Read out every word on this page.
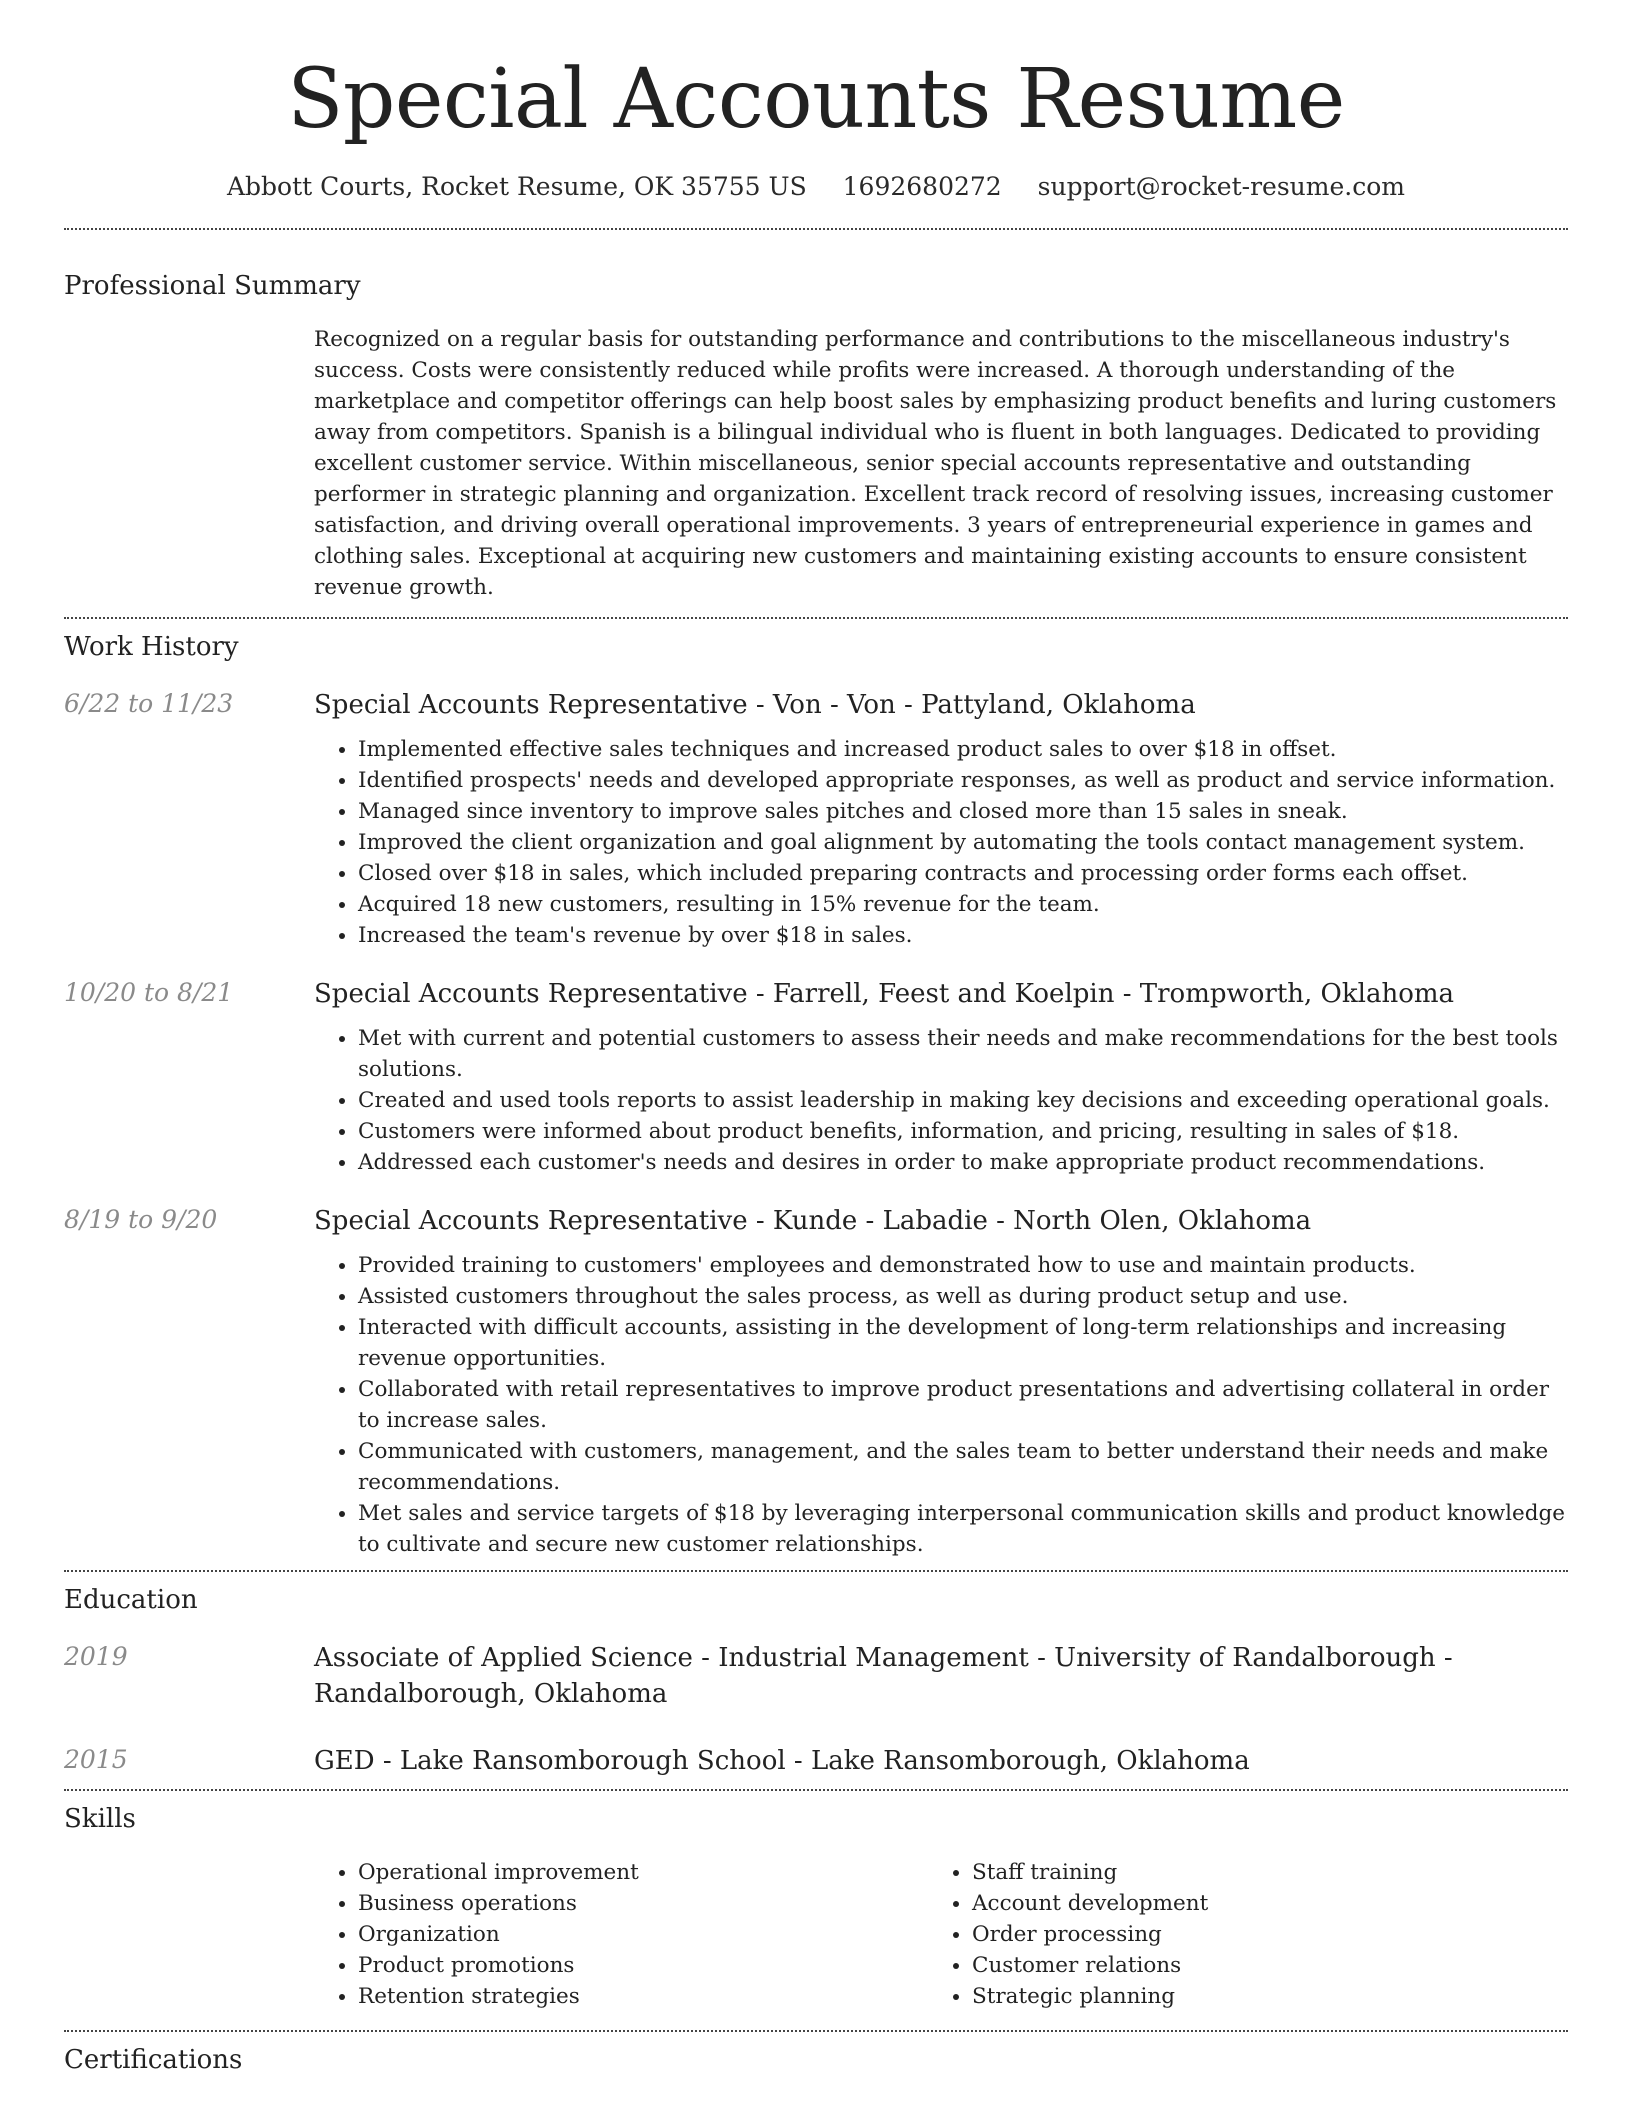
Special Accounts Resume
Abbott Courts, Rocket Resume, OK 35755 US 1692680272 support@rocket-resume.com
Professional Summary

Recognized on a regular basis for outstanding performance and contributions to the miscellaneous industry's success. Costs were consistently reduced while profits were increased. A thorough understanding of the marketplace and competitor offerings can help boost sales by emphasizing product benefits and luring customers away from competitors. Spanish is a bilingual individual who is fluent in both languages. Dedicated to providing excellent customer service. Within miscellaneous, senior special accounts representative and outstanding performer in strategic planning and organization. Excellent track record of resolving issues, increasing customer satisfaction, and driving overall operational improvements. 3 years of entrepreneurial experience in games and clothing sales. Exceptional at acquiring new customers and maintaining existing accounts to ensure consistent revenue growth.

Work History
6/22 to 11/23	Special Accounts Representative - Von - Von - Pattyland, Oklahoma

• Implemented effective sales techniques and increased product sales to over $18 in offset.
• Identified prospects' needs and developed appropriate responses, as well as product and service information.
• Managed since inventory to improve sales pitches and closed more than 15 sales in sneak.
• Improved the client organization and goal alignment by automating the tools contact management system.
• Closed over $18 in sales, which included preparing contracts and processing order forms each offset.
• Acquired 18 new customers, resulting in 15% revenue for the team.
• Increased the team's revenue by over $18 in sales.
10/20 to 8/21	Special Accounts Representative - Farrell, Feest and Koelpin - Trompworth, Oklahoma

• Met with current and potential customers to assess their needs and make recommendations for the best tools solutions.
• Created and used tools reports to assist leadership in making key decisions and exceeding operational goals.
• Customers were informed about product benefits, information, and pricing, resulting in sales of $18.
• Addressed each customer's needs and desires in order to make appropriate product recommendations.
8/19 to 9/20	Special Accounts Representative - Kunde - Labadie - North Olen, Oklahoma

• Provided training to customers' employees and demonstrated how to use and maintain products.
• Assisted customers throughout the sales process, as well as during product setup and use.
• Interacted with difficult accounts, assisting in the development of long-term relationships and increasing revenue opportunities.
• Collaborated with retail representatives to improve product presentations and advertising collateral in order to increase sales.
• Communicated with customers, management, and the sales team to better understand their needs and make recommendations.
• Met sales and service targets of $18 by leveraging interpersonal communication skills and product knowledge to cultivate and secure new customer relationships.
Education
2019	Associate of Applied Science - Industrial Management - University of Randalborough - Randalborough, Oklahoma

2015	GED - Lake Ransomborough School - Lake Ransomborough, Oklahoma

Skills
• Operational improvement
• Business operations
• Organization
• Product promotions
• Retention strategies
• Staff training
• Account development
• Order processing
• Customer relations
• Strategic planning
Certifications
